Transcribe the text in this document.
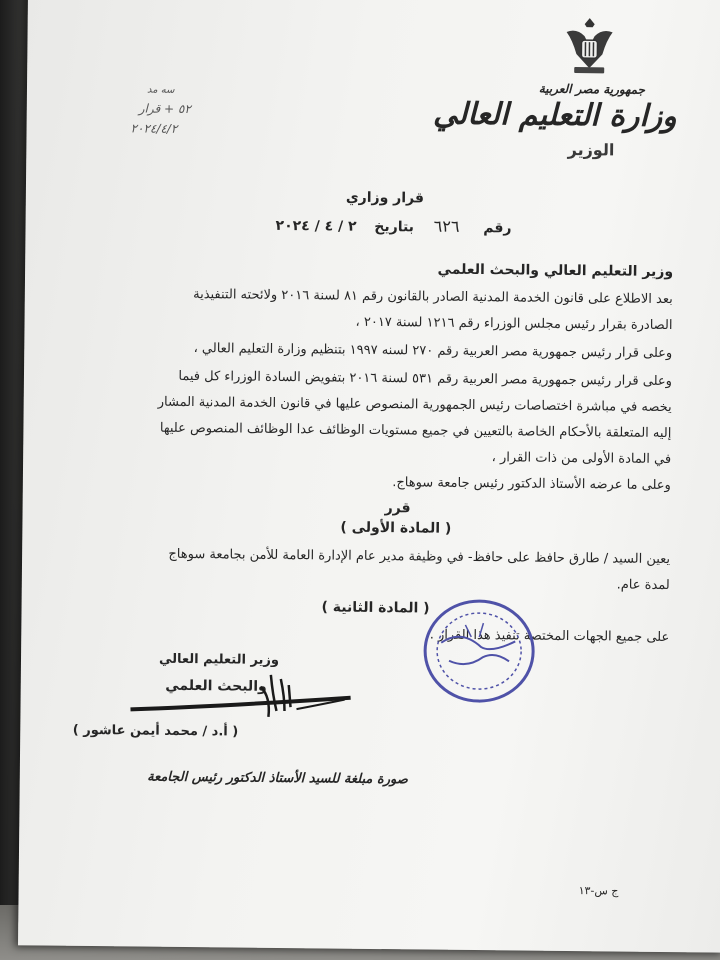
جمهورية مصر العربية
وزارة التعليم العالي
الوزير
سه مد
٥٢ + قرار
٢٠٢٤/٤/٢
قرار وزاري
رقم  ٦٢٦  بتاريخ  ٢ / ٤ / ٢٠٢٤
وزير التعليم العالي والبحث العلمي
بعد الاطلاع على قانون الخدمة المدنية الصادر بالقانون رقم ٨١ لسنة ٢٠١٦ ولائحته التنفيذية
الصادرة بقرار رئيس مجلس الوزراء رقم ١٢١٦ لسنة ٢٠١٧ ،
وعلى قرار رئيس جمهورية مصر العربية رقم ٢٧٠ لسنه ١٩٩٧ بتنظيم وزارة التعليم العالي ،
وعلى قرار رئيس جمهورية مصر العربية رقم ٥٣١ لسنة ٢٠١٦ بتفويض السادة الوزراء كل فيما
يخصه في مباشرة اختصاصات رئيس الجمهورية المنصوص عليها في قانون الخدمة المدنية المشار
إليه المتعلقة بالأحكام الخاصة بالتعيين في جميع مستويات الوظائف عدا الوظائف المنصوص عليها
في المادة الأولى من ذات القرار ،
وعلى ما عرضه الأستاذ الدكتور رئيس جامعة سوهاج.
قرر
( المادة الأولى )
يعين السيد / طارق حافظ على حافظ- في وظيفة مدير عام الإدارة العامة للأمن بجامعة سوهاج
لمدة عام.
( المادة الثانية )
على جميع الجهات المختصة تنفيذ هذا القرار .
وزير التعليم العالي
والبحث العلمي
( أ.د / محمد أيمن عاشور )
صورة مبلغة للسيد الأستاذ الدكتور رئيس الجامعة
ج س-١٣
